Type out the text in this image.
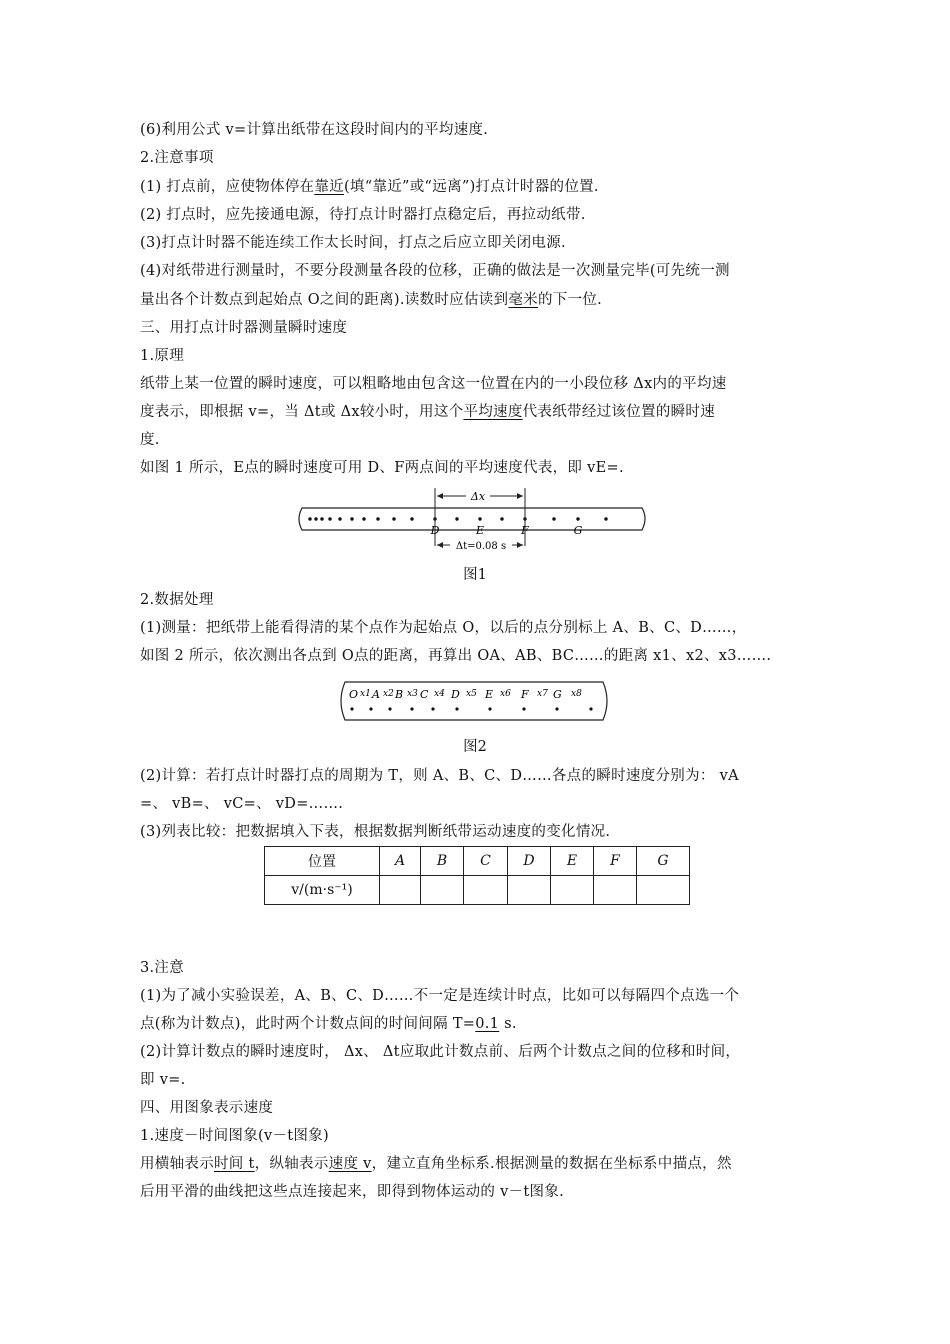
(6)利用公式 v=计算出纸带在这段时间内的平均速度.
2.注意事项
(1) 打点前，应使物体停在靠近(填“靠近”或“远离”)打点计时器的位置.
(2) 打点时，应先接通电源，待打点计时器打点稳定后，再拉动纸带.
(3)打点计时器不能连续工作太长时间，打点之后应立即关闭电源.
(4)对纸带进行测量时，不要分段测量各段的位移，正确的做法是一次测量完毕(可先统一测
量出各个计数点到起始点 O之间的距离).读数时应估读到毫米的下一位.
三、用打点计时器测量瞬时速度
1.原理
纸带上某一位置的瞬时速度，可以粗略地由包含这一位置在内的一小段位移 Δx内的平均速
度表示，即根据 v=，当 Δt或 Δx较小时，用这个平均速度代表纸带经过该位置的瞬时速
度.
如图 1 所示，E点的瞬时速度可用 D、F两点间的平均速度代表，即 vE=.
Δx
Δt=0.08 s
D	E	F	G
图1
2.数据处理
(1)测量：把纸带上能看得清的某个点作为起始点 O，以后的点分别标上 A、B、C、D……，
如图 2 所示，依次测出各点到 O点的距离，再算出 OA、AB、BC……的距离 x1、x2、x3…….
O x1 A x2 B x3 C x4 D x5 E x6 F x7 G x8
图2
(2)计算：若打点计时器打点的周期为 T，则 A、B、C、D……各点的瞬时速度分别为： vA
=、 vB=、 vC=、 vD=…….
(3)列表比较：把数据填入下表，根据数据判断纸带运动速度的变化情况.
位置	A	B	C	D	E	F	G
v/(m·s⁻¹)							
3.注意
(1)为了减小实验误差，A、B、C、D……不一定是连续计时点，比如可以每隔四个点选一个
点(称为计数点)，此时两个计数点间的时间间隔 T=0.1 s.
(2)计算计数点的瞬时速度时， Δx、 Δt应取此计数点前、后两个计数点之间的位移和时间，
即 v=.
四、用图象表示速度
1.速度－时间图象(v－t图象)
用横轴表示时间 t，纵轴表示速度 v，建立直角坐标系.根据测量的数据在坐标系中描点，然
后用平滑的曲线把这些点连接起来，即得到物体运动的 v－t图象.
